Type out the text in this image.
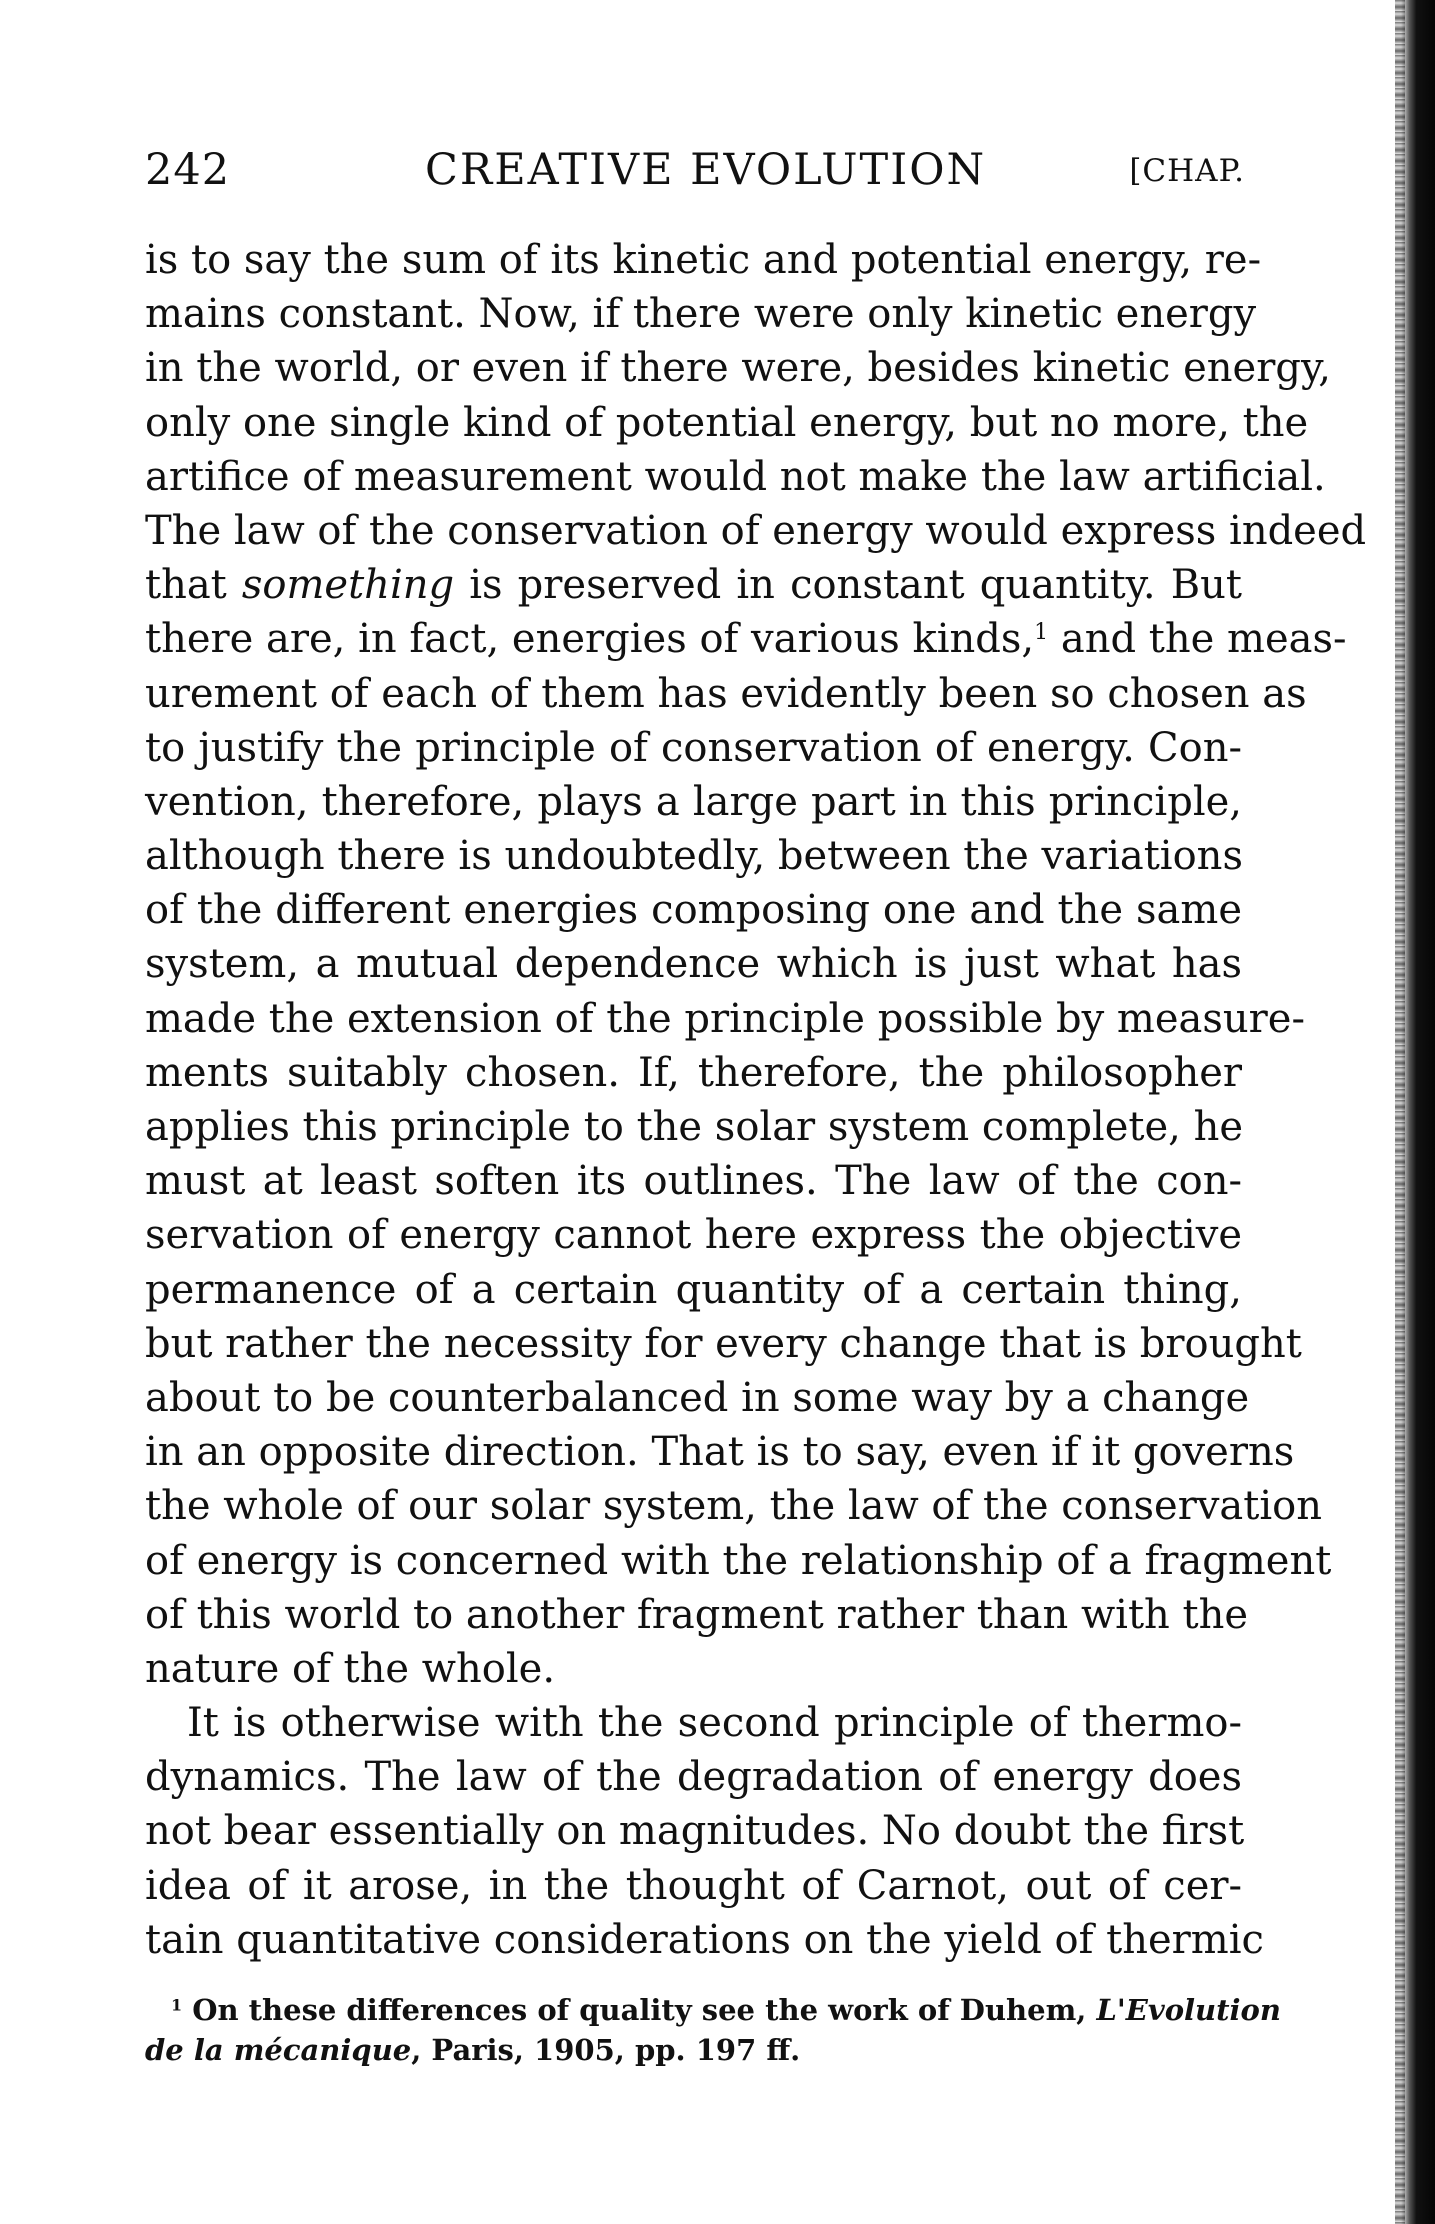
242	CREATIVE EVOLUTION	[CHAP.
is to say the sum of its kinetic and potential energy, re-
mains constant. Now, if there were only kinetic energy
in the world, or even if there were, besides kinetic energy,
only one single kind of potential energy, but no more, the
artifice of measurement would not make the law artificial.
The law of the conservation of energy would express indeed
that something is preserved in constant quantity. But
there are, in fact, energies of various kinds,$^1$ and the meas-
urement of each of them has evidently been so chosen as
to justify the principle of conservation of energy. Con-
vention, therefore, plays a large part in this principle,
although there is undoubtedly, between the variations
of the different energies composing one and the same
system, a mutual dependence which is just what has
made the extension of the principle possible by measure-
ments suitably chosen. If, therefore, the philosopher
applies this principle to the solar system complete, he
must at least soften its outlines. The law of the con-
servation of energy cannot here express the objective
permanence of a certain quantity of a certain thing,
but rather the necessity for every change that is brought
about to be counterbalanced in some way by a change
in an opposite direction. That is to say, even if it governs
the whole of our solar system, the law of the conservation
of energy is concerned with the relationship of a fragment
of this world to another fragment rather than with the
nature of the whole.
It is otherwise with the second principle of thermo-
dynamics. The law of the degradation of energy does
not bear essentially on magnitudes. No doubt the first
idea of it arose, in the thought of Carnot, out of cer-
tain quantitative considerations on the yield of thermic
$^1$ On these differences of quality see the work of Duhem, L'Evolution
de la mécanique, Paris, 1905, pp. 197 ff.
